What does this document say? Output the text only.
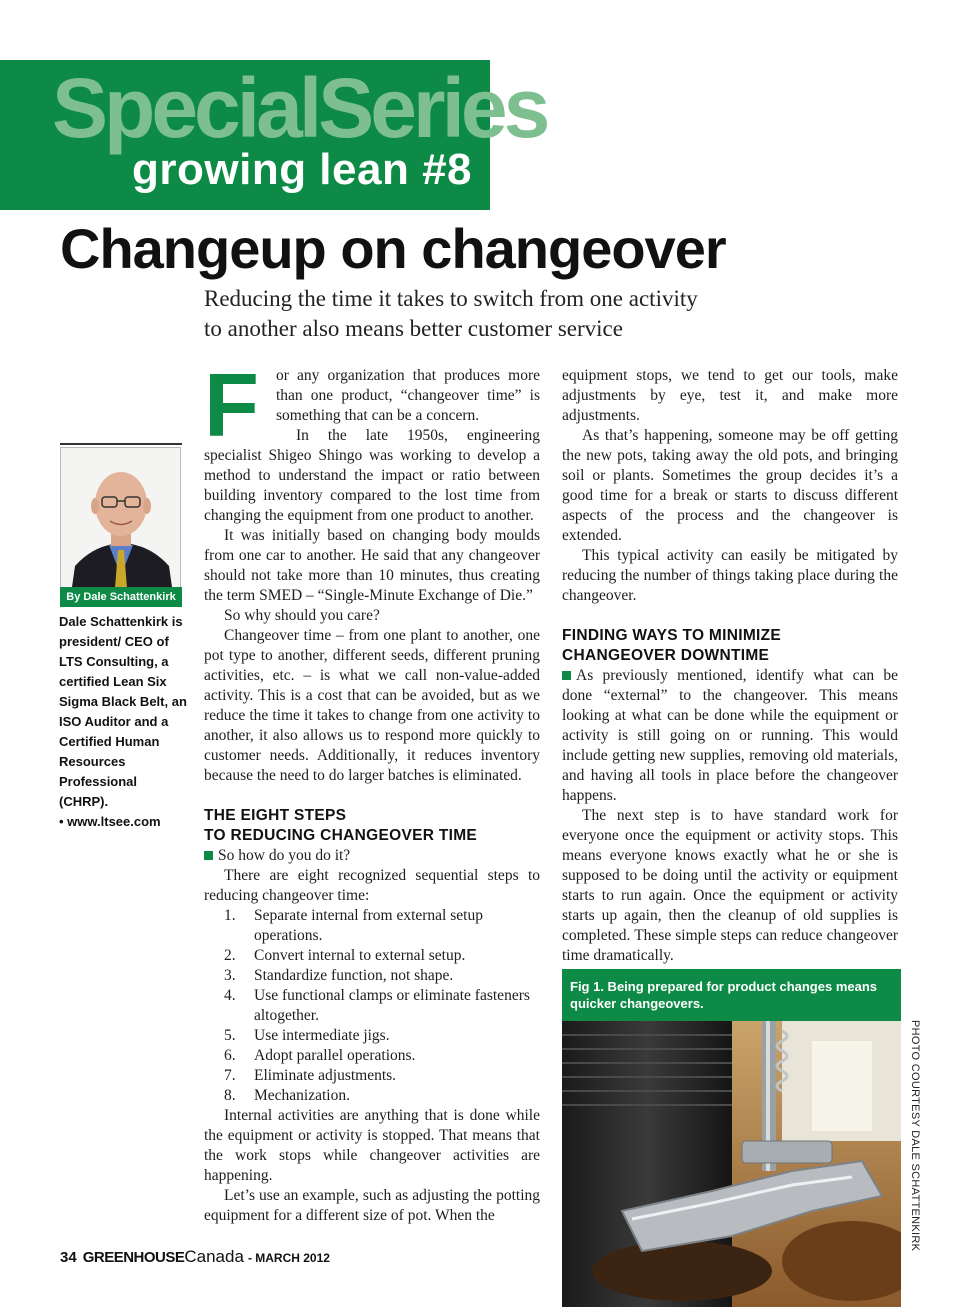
SpecialSeries
growing lean #8
Changeup on changeover
Reducing the time it takes to switch from one activity
to another also means better customer service
By Dale Schattenkirk
Dale Schattenkirk is president/ CEO of LTS Consulting, a certified Lean Six Sigma Black Belt, an ISO Auditor and a Certified Human Resources Professional (CHRP).
• www.ltsee.com

F	or any organization that produces more than one product, “changeover time” is something that can be a concern.

In the late 1950s, engineering specialist Shigeo Shingo was working to develop a method to understand the impact or ratio between building inventory compared to the lost time from changing the equipment from one product to another.

It was initially based on changing body moulds from one car to another. He said that any changeover should not take more than 10 minutes, thus creating the term SMED – “Single-Minute Exchange of Die.”

So why should you care?

Changeover time – from one plant to another, one pot type to another, different seeds, different pruning activities, etc. – is what we call non-value-added activity. This is a cost that can be avoided, but as we reduce the time it takes to change from one activity to another, it also allows us to respond more quickly to customer needs. Additionally, it reduces inventory because the need to do larger batches is eliminated.

THE EIGHT STEPS
TO REDUCING CHANGEOVER TIME

So how do you do it?

There are eight recognized sequential steps to reducing changeover time:

1. Separate internal from external setup operations.
2. Convert internal to external setup.
3. Standardize function, not shape.
4. Use functional clamps or eliminate fasteners altogether.
5. Use intermediate jigs.
6. Adopt parallel operations.
7. Eliminate adjustments.
8. Mechanization.

Internal activities are anything that is done while the equipment or activity is stopped. That means that the work stops while changeover activities are happening.

Let’s use an example, such as adjusting the potting equipment for a different size of pot. When the

equipment stops, we tend to get our tools, make adjustments by eye, test it, and make more adjustments.

As that’s happening, someone may be off getting the new pots, taking away the old pots, and bringing soil or plants. Sometimes the group decides it’s a good time for a break or starts to discuss different aspects of the process and the changeover is extended.

This typical activity can easily be mitigated by reducing the number of things taking place during the changeover.

FINDING WAYS TO MINIMIZE
CHANGEOVER DOWNTIME

As previously mentioned, identify what can be done “external” to the changeover. This means looking at what can be done while the equipment or activity is still going on or running. This would include getting new supplies, removing old materials, and having all tools in place before the changeover happens.

The next step is to have standard work for everyone once the equipment or activity stops. This means everyone knows exactly what he or she is supposed to be doing until the activity or equipment starts to run again. Once the equipment or activity starts up again, then the cleanup of old supplies is completed. These simple steps can reduce changeover time dramatically.

Fig 1. Being prepared for product changes means quicker changeovers.
PHOTO COURTESY DALE SCHATTENKIRK
34 GREENHOUSECanada - MARCH 2012
